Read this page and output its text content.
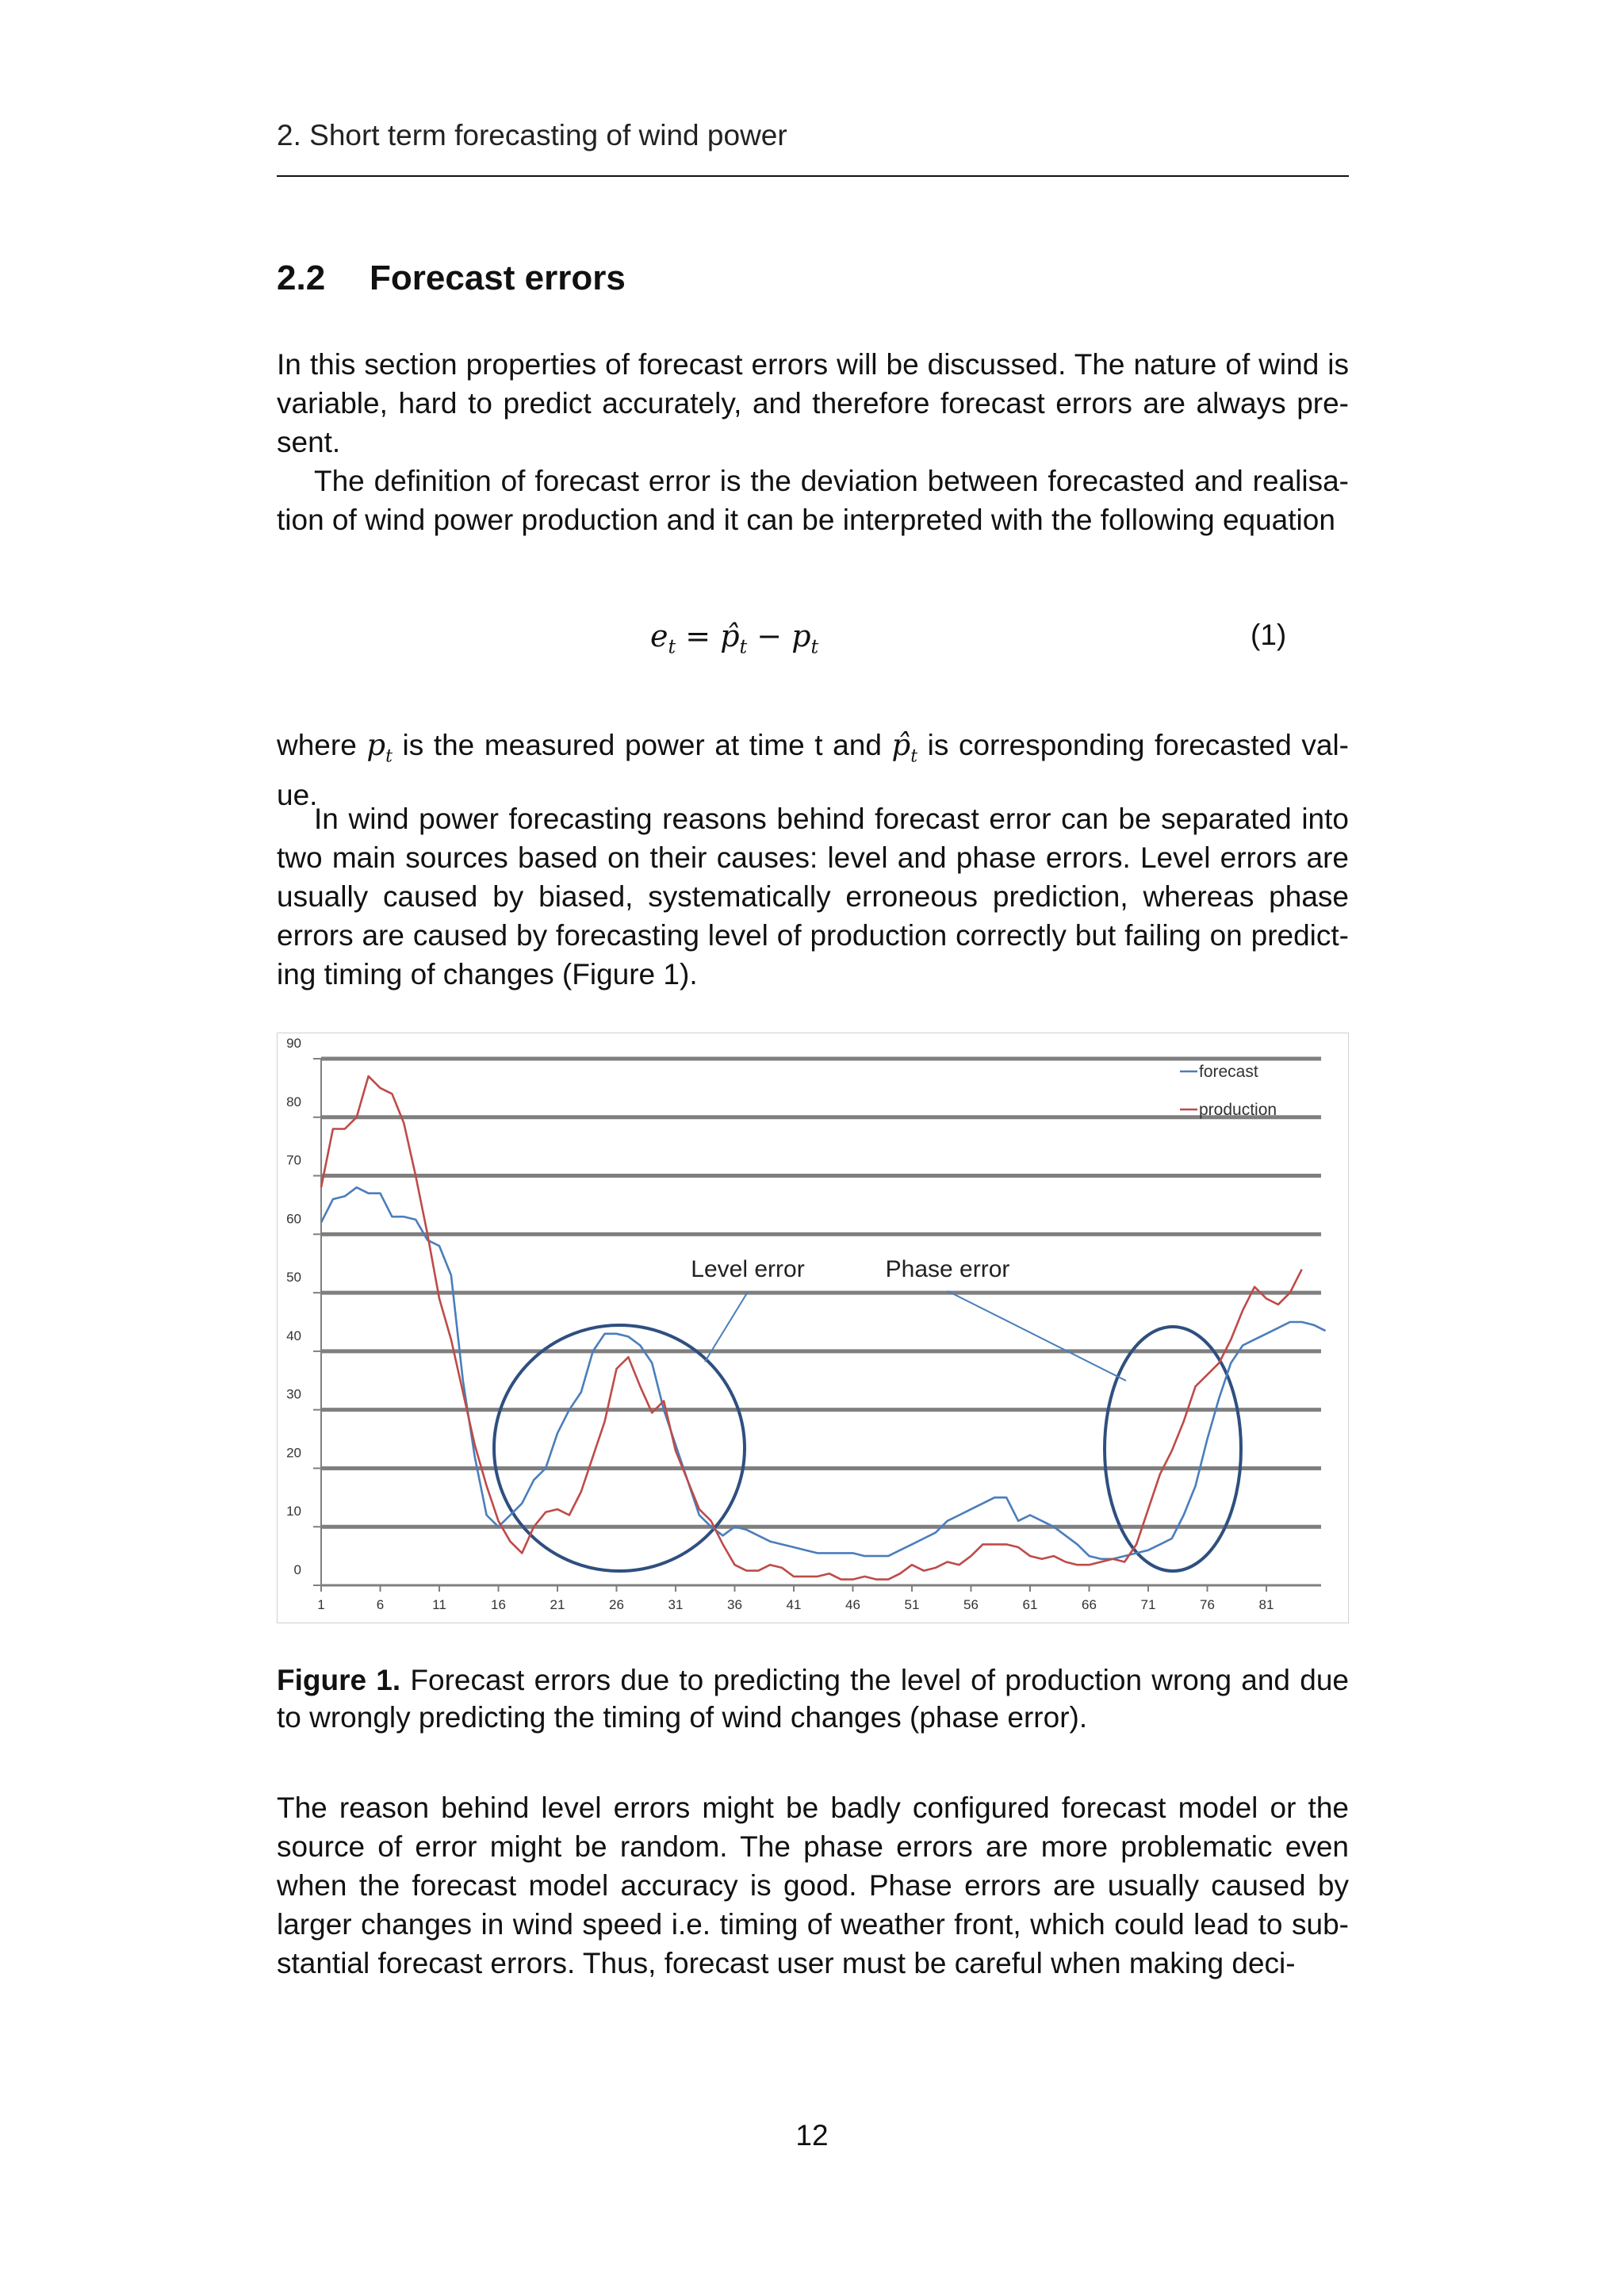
2. Short term forecasting of wind power
2.2 Forecast errors

In this section properties of forecast errors will be discussed. The nature of wind is variable, hard to predict accurately, and therefore forecast errors are always pre-sent.

The definition of forecast error is the deviation between forecasted and realisa-tion of wind power production and it can be interpreted with the following equation

$e_t$ = $p̂_t - p_t$	(1)

where $p_t$ is the measured power at time t and $p̂_t$ is corresponding forecasted val-ue.

In wind power forecasting reasons behind forecast error can be separated into two main sources based on their causes: level and phase errors. Level errors are usually caused by biased, systematically erroneous prediction, whereas phase errors are caused by forecasting level of production correctly but failing on predict-ing timing of changes (Figure 1).

0
10
20
30
40
50
60
70
80
90
1	6	11	16	21	26	31	36	41	46	51	56	61	66	71	76	81
Level error	Phase error
forecast
production

Figure 1. Forecast errors due to predicting the level of production wrong and due to wrongly predicting the timing of wind changes (phase error).

The reason behind level errors might be badly configured forecast model or the source of error might be random. The phase errors are more problematic even when the forecast model accuracy is good. Phase errors are usually caused by larger changes in wind speed i.e. timing of weather front, which could lead to sub-stantial forecast errors. Thus, forecast user must be careful when making deci-

12
